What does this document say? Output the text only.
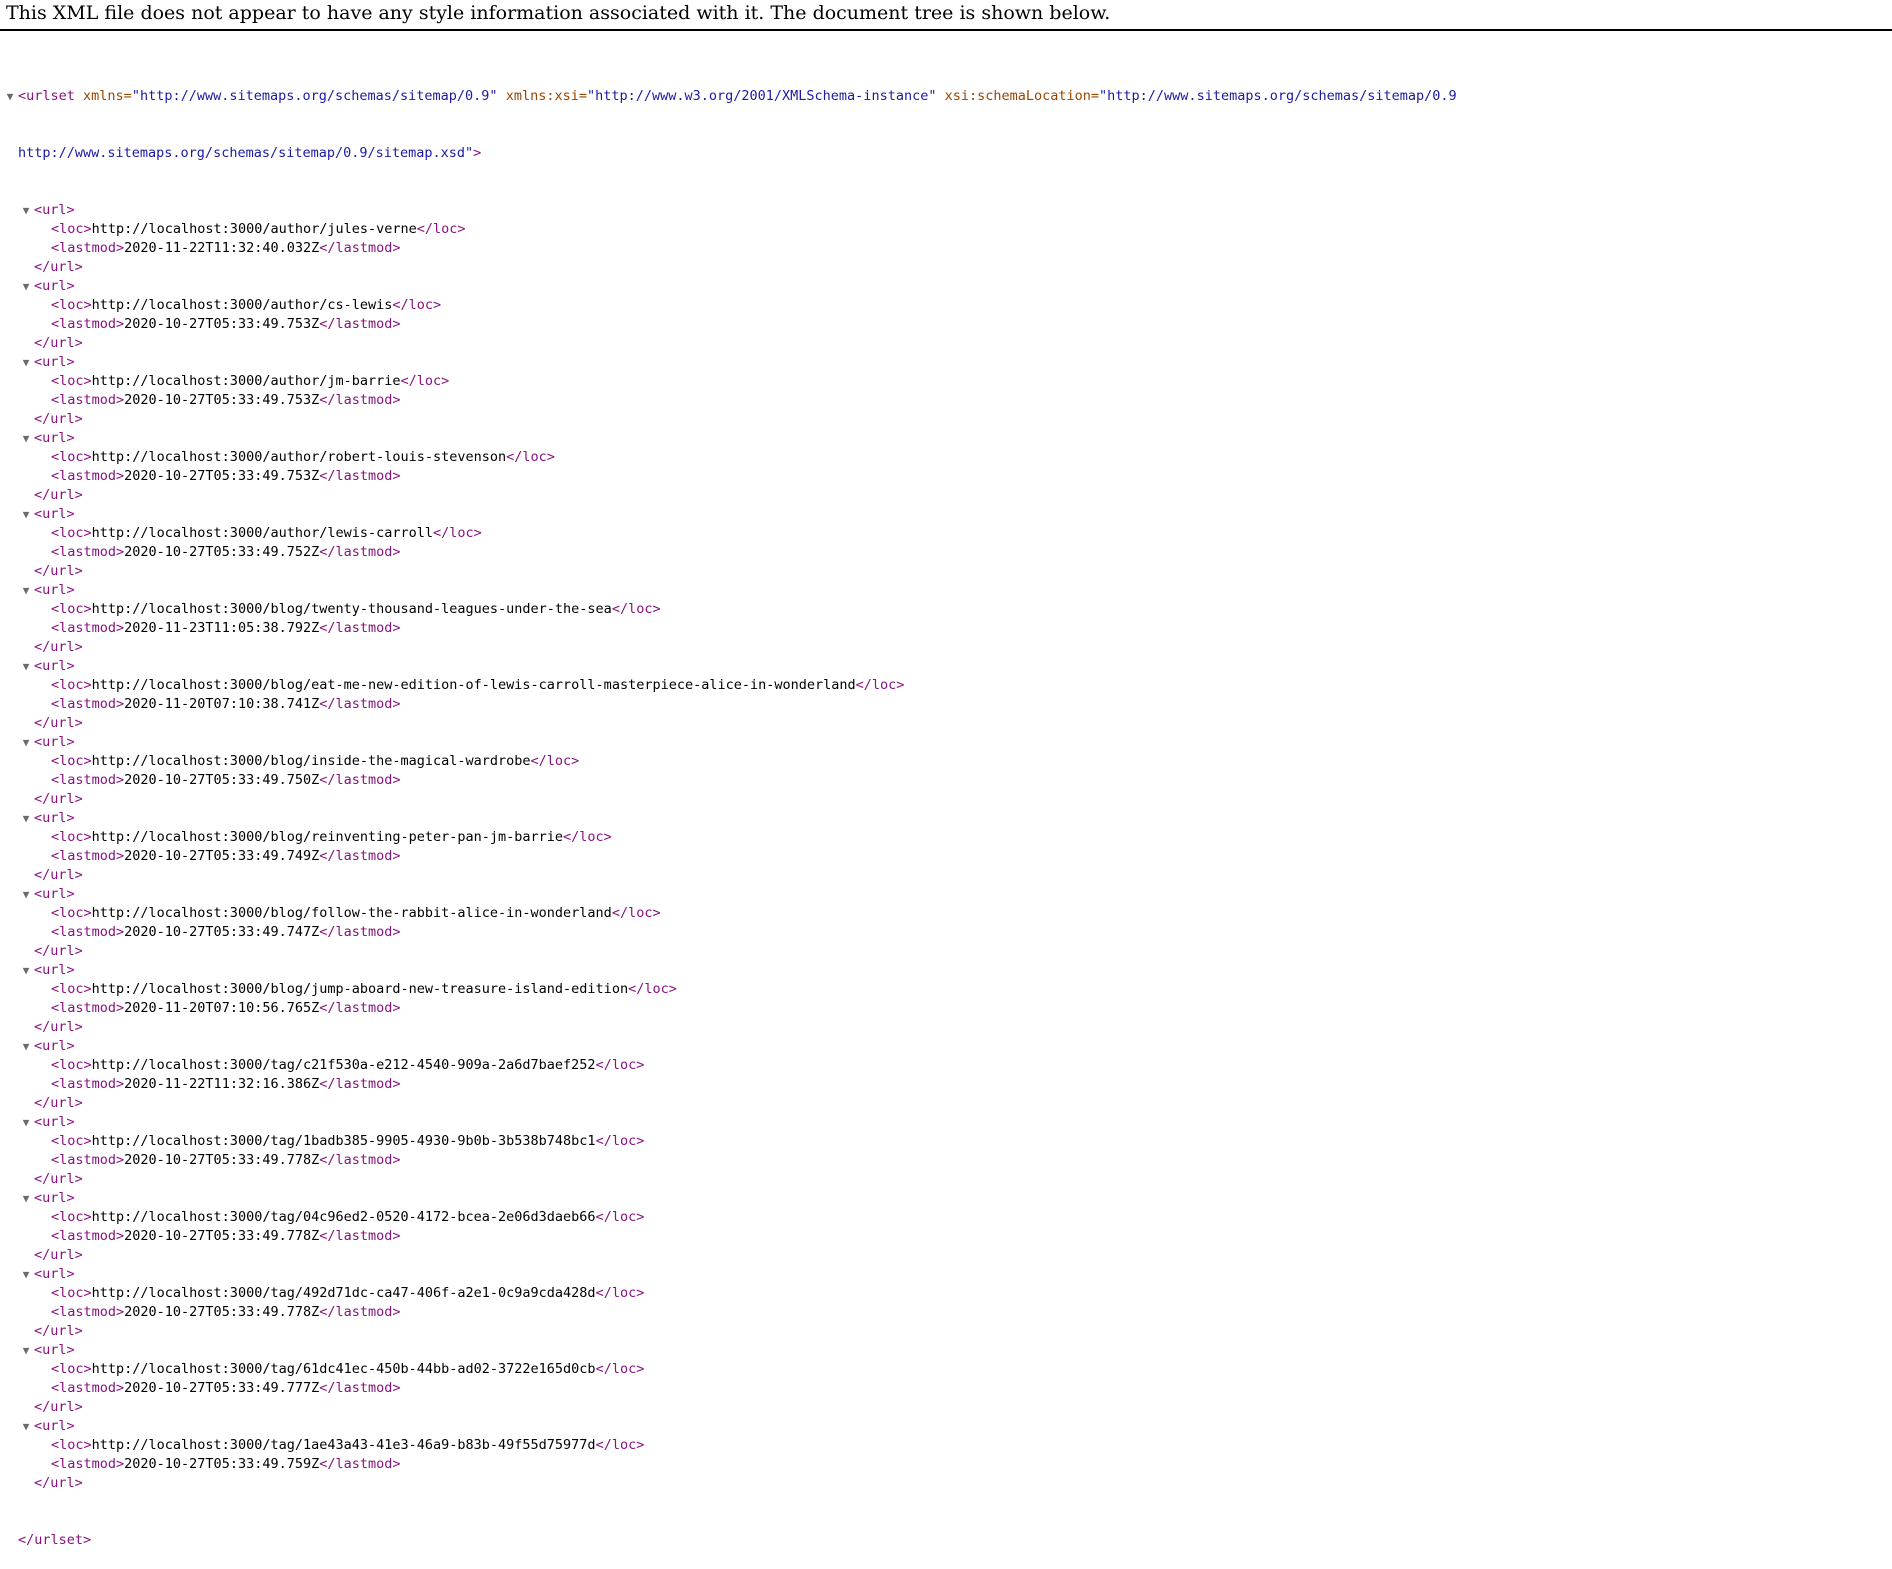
This XML file does not appear to have any style information associated with it. The document tree is shown below.

▼ <urlset xmlns="http://www.sitemaps.org/schemas/sitemap/0.9" xmlns:xsi="http://www.w3.org/2001/XMLSchema-instance" xsi:schemaLocation="http://www.sitemaps.org/schemas/sitemap/0.9

http://www.sitemaps.org/schemas/sitemap/0.9/sitemap.xsd">

▼ <url>
<loc>http://localhost:3000/author/jules-verne</loc>
<lastmod>2020-11-22T11:32:40.032Z</lastmod>
</url>
▼ <url>
<loc>http://localhost:3000/author/cs-lewis</loc>
<lastmod>2020-10-27T05:33:49.753Z</lastmod>
</url>
▼ <url>
<loc>http://localhost:3000/author/jm-barrie</loc>
<lastmod>2020-10-27T05:33:49.753Z</lastmod>
</url>
▼ <url>
<loc>http://localhost:3000/author/robert-louis-stevenson</loc>
<lastmod>2020-10-27T05:33:49.753Z</lastmod>
</url>
▼ <url>
<loc>http://localhost:3000/author/lewis-carroll</loc>
<lastmod>2020-10-27T05:33:49.752Z</lastmod>
</url>
▼ <url>
<loc>http://localhost:3000/blog/twenty-thousand-leagues-under-the-sea</loc>
<lastmod>2020-11-23T11:05:38.792Z</lastmod>
</url>
▼ <url>
<loc>http://localhost:3000/blog/eat-me-new-edition-of-lewis-carroll-masterpiece-alice-in-wonderland</loc>
<lastmod>2020-11-20T07:10:38.741Z</lastmod>
</url>
▼ <url>
<loc>http://localhost:3000/blog/inside-the-magical-wardrobe</loc>
<lastmod>2020-10-27T05:33:49.750Z</lastmod>
</url>
▼ <url>
<loc>http://localhost:3000/blog/reinventing-peter-pan-jm-barrie</loc>
<lastmod>2020-10-27T05:33:49.749Z</lastmod>
</url>
▼ <url>
<loc>http://localhost:3000/blog/follow-the-rabbit-alice-in-wonderland</loc>
<lastmod>2020-10-27T05:33:49.747Z</lastmod>
</url>
▼ <url>
<loc>http://localhost:3000/blog/jump-aboard-new-treasure-island-edition</loc>
<lastmod>2020-11-20T07:10:56.765Z</lastmod>
</url>
▼ <url>
<loc>http://localhost:3000/tag/c21f530a-e212-4540-909a-2a6d7baef252</loc>
<lastmod>2020-11-22T11:32:16.386Z</lastmod>
</url>
▼ <url>
<loc>http://localhost:3000/tag/1badb385-9905-4930-9b0b-3b538b748bc1</loc>
<lastmod>2020-10-27T05:33:49.778Z</lastmod>
</url>
▼ <url>
<loc>http://localhost:3000/tag/04c96ed2-0520-4172-bcea-2e06d3daeb66</loc>
<lastmod>2020-10-27T05:33:49.778Z</lastmod>
</url>
▼ <url>
<loc>http://localhost:3000/tag/492d71dc-ca47-406f-a2e1-0c9a9cda428d</loc>
<lastmod>2020-10-27T05:33:49.778Z</lastmod>
</url>
▼ <url>
<loc>http://localhost:3000/tag/61dc41ec-450b-44bb-ad02-3722e165d0cb</loc>
<lastmod>2020-10-27T05:33:49.777Z</lastmod>
</url>
▼ <url>
<loc>http://localhost:3000/tag/1ae43a43-41e3-46a9-b83b-49f55d75977d</loc>
<lastmod>2020-10-27T05:33:49.759Z</lastmod>
</url>

</urlset>
